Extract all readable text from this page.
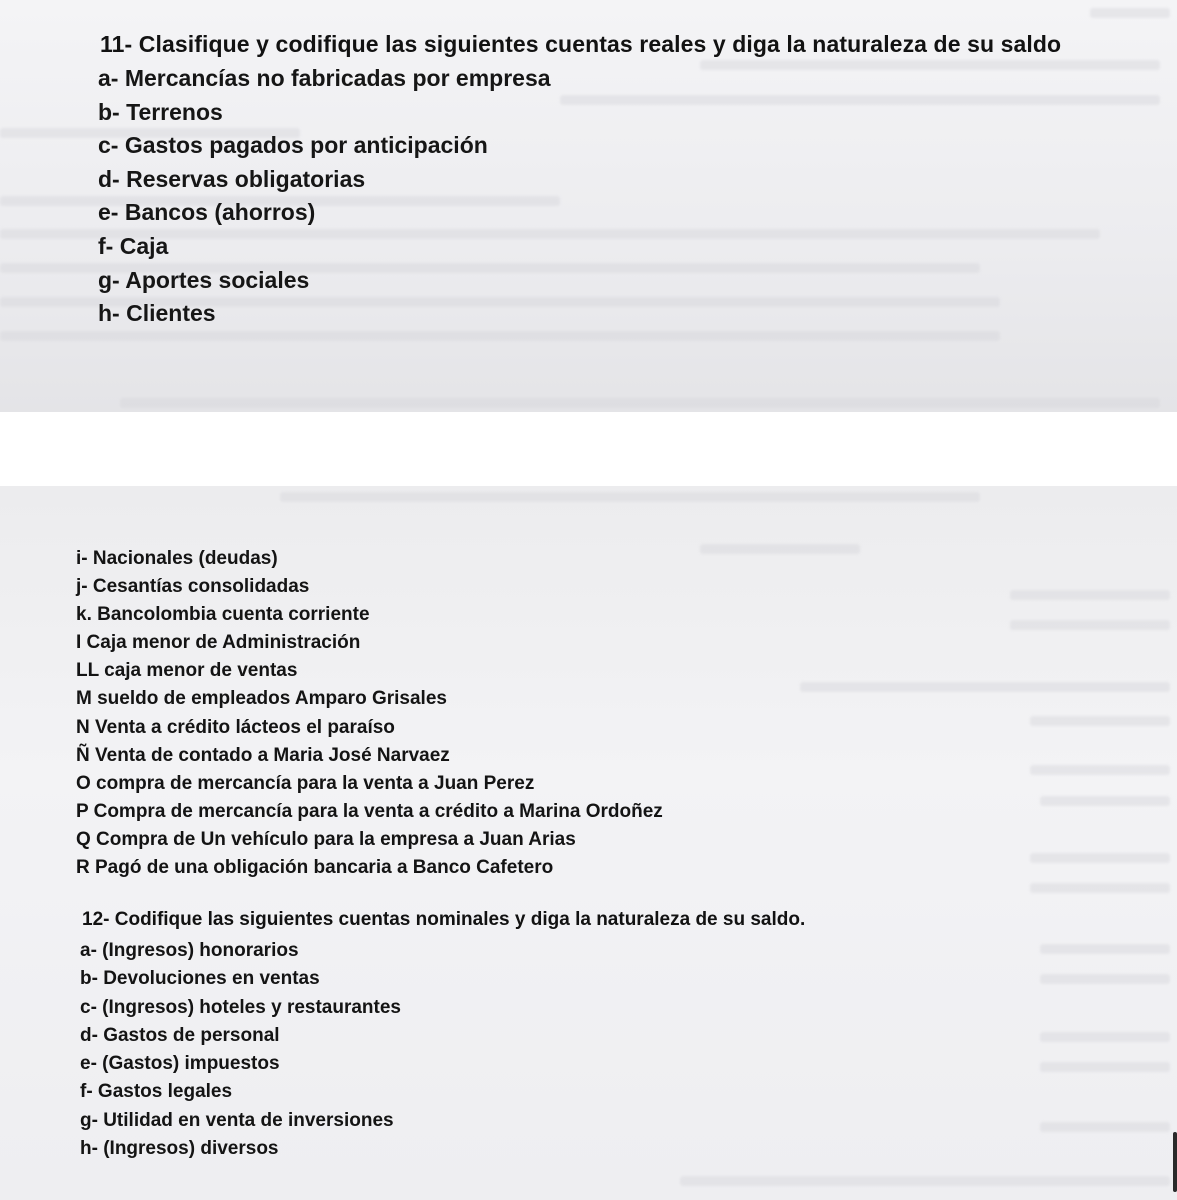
11- Clasifique y codifique las siguientes cuentas reales y diga la naturaleza de su saldo
a- Mercancías no fabricadas por empresa
b- Terrenos
c- Gastos pagados por anticipación
d- Reservas obligatorias
e- Bancos (ahorros)
f- Caja
g- Aportes sociales
h- Clientes
i- Nacionales (deudas)
j- Cesantías consolidadas
k. Bancolombia cuenta corriente
I Caja menor de Administración
LL caja menor de ventas
M sueldo de empleados Amparo Grisales
N Venta a crédito lácteos el paraíso
Ñ Venta de contado a Maria José Narvaez
O compra de mercancía para la venta a Juan Perez
P Compra de mercancía para la venta a crédito a Marina Ordoñez
Q Compra de Un vehículo para la empresa a Juan Arias
R Pagó de una obligación bancaria a Banco Cafetero
12- Codifique las siguientes cuentas nominales y diga la naturaleza de su saldo.
a- (Ingresos) honorarios
b- Devoluciones en ventas
c- (Ingresos) hoteles y restaurantes
d- Gastos de personal
e- (Gastos) impuestos
f- Gastos legales
g- Utilidad en venta de inversiones
h- (Ingresos) diversos
